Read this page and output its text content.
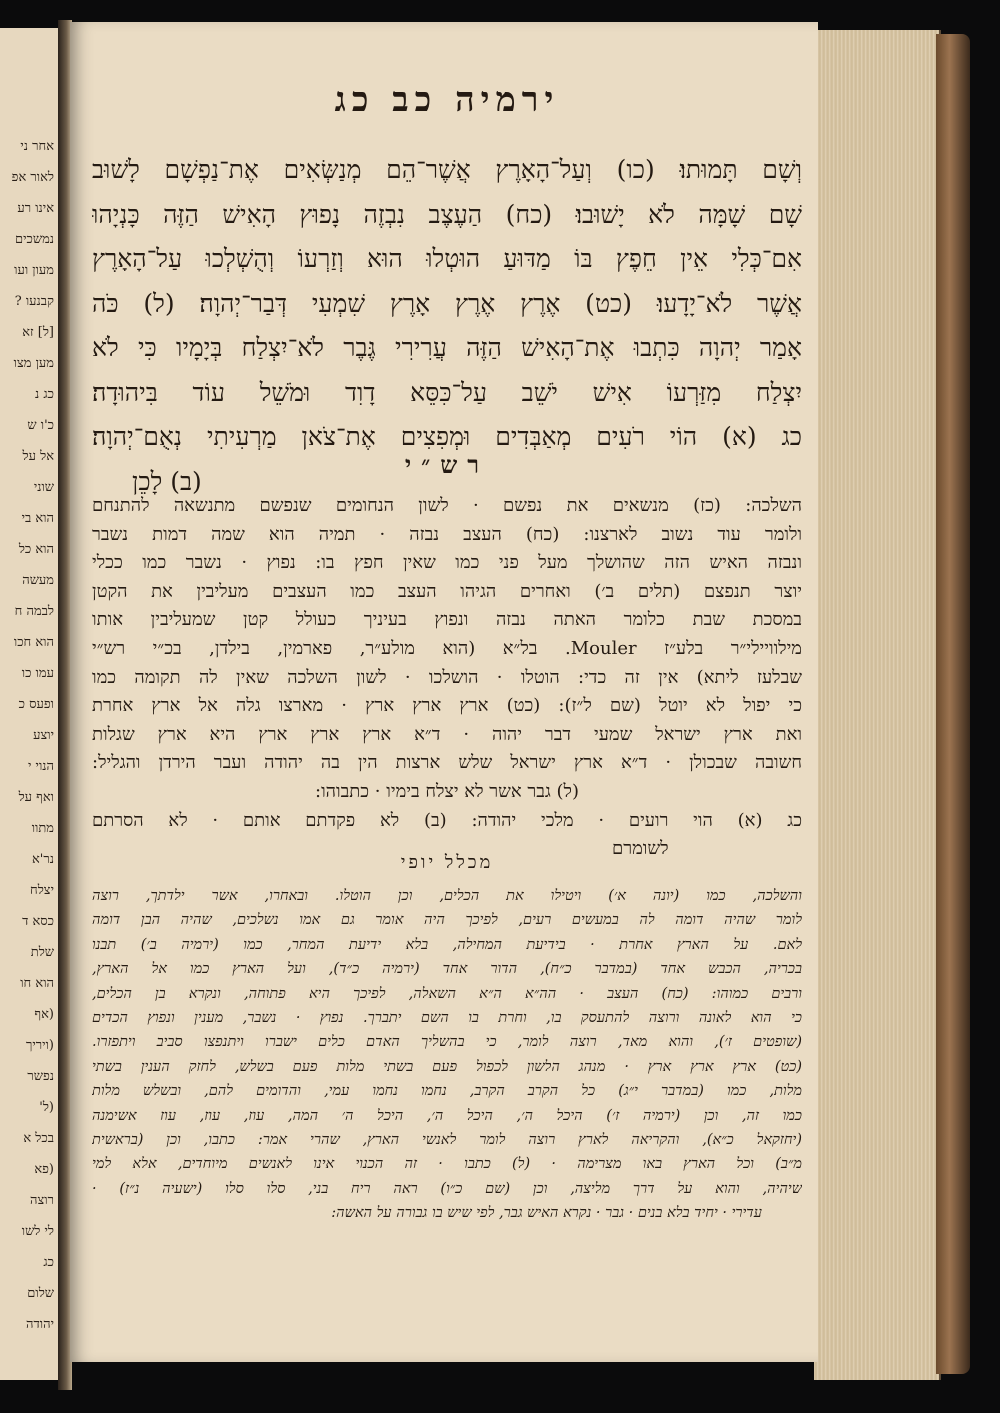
אחר ני
לאור אפ
אינו רע
נמשכים
מעון ועו
קבנעו ?
[ל] זא
מען מצו
כג נ
כ'ו ש
אל על
שוני
הוא בי
הוא כל
מעשה
לבמה ח
הוא חכו
עמו כו
ופעס כ
יוצע
הנוי י
ואף על
מתוו
נר'א
יצלח
כסא ד
שלת
הוא חו
(אף
(ויריך
נפשר
(ל'
בכל א
(פא
רוצה
לי לשו
כג
שלום
יהודה
ירמיה כב כג
וְשָׁם תָּמוּתוּ׃ (כו) וְעַל־הָאָרֶץ אֲשֶׁר־הֵם מְנַשְּׂאִים אֶת־נַפְשָׁם לָשׁוּב
שָׁם שָׁמָּה לֹא יָשׁוּבוּ׃ (כח) הַעֶצֶב נִבְזֶה נָפוּץ הָאִישׁ הַזֶּה כָּנְיָהוּ
אִם־כְּלִי אֵין חֵפֶץ בּוֹ מַדּוּעַ הוּטְלוּ הוּא וְזַרְעוֹ וְהֻשְׁלְכוּ עַל־הָאָרֶץ
אֲשֶׁר לֹא־יָדָעוּ׃ (כט) אֶרֶץ אֶרֶץ אָרֶץ שִׁמְעִי דְּבַר־יְהוָה׃ (ל) כֹּה
אָמַר יְהוָה כִּתְבוּ אֶת־הָאִישׁ הַזֶּה עֲרִירִי גֶּבֶר לֹא־יִצְלַח בְּיָמָיו כִּי לֹא
יִצְלַח מִזַּרְעוֹ אִישׁ יֹשֵׁב עַל־כִּסֵּא דָוִד וּמֹשֵׁל עוֹד בִּיהוּדָה׃
כג (א) הוֹי רֹעִים מְאַבְּדִים וּמְפִצִים אֶת־צֹאן מַרְעִיתִי נְאֻם־יְהוָה׃
(ב) לָכֵן
רש״י
השלכה: (כז) מנשאים את נפשם · לשון הנחומים שנפשם מתנשאה להתנחם
ולומר עוד נשוב לארצנו: (כח) העצב נבזה · תמיה הוא שמה דמות נשבר
ונבזה האיש הזה שהושלך מעל פני כמו שאין חפץ בו: נפוץ · נשבר כמו ככלי
יוצר תנפצם (תלים ב׳) ואחרים הגיהו העצב כמו העצבים מעליבין את הקטן
במסכת שבת כלומר האתה נבזה ונפוץ בעיניך כעולל קטן שמעליבין אותו
מילוויילי״ר בלע״ז Mouler. בל״א (הוא מולע״ר, פארמין, בילדן, בכ״י רש״י
שבלעז ליתא) אין זה כדי: הוטלו · הושלכו · לשון השלכה שאין לה תקומה כמו
כי יפול לא יוטל (שם ל״ז): (כט) ארץ ארץ ארץ · מארצו גלה אל ארץ אחרת
ואת ארץ ישראל שמעי דבר יהוה · ד״א ארץ ארץ ארץ היא ארץ שגלות
חשובה שבכולן · ד״א ארץ ישראל שלש ארצות הין בה יהודה ועבר הירדן והגליל:
(ל) גבר אשר לא יצלח בימיו · כתבוהו:
כג (א) הוי רועים · מלכי יהודה: (ב) לא פקדתם אותם · לא הסרתם
לשומרם
מכלל יופי
והשלכה, כמו (יונה א׳) ויטילו את הכלים, וכן הוטלו. ובאחרו, אשר ילדתך, רוצה
לומר שהיה דומה לה במעשים רעים, לפיכך היה אומר גם אמו נשלכים, שהיה הבן דומה
לאם. על הארץ אחרת · בידיעת המחילה, בלא ידיעת המחר, כמו (ירמיה ב׳) תבנו
בכריה, הכבש אחד (במדבר כ״ח), הדור אחד (ירמיה כ״ד), ועל הארץ כמו אל הארץ,
ורבים כמוהו: (כח) העצב · הה״א ה״א השאלה, לפיכך היא פתוחה, ונקרא בן הכלים,
כי הוא לאונה ורוצה להתעסק בו, וחרת בו השם יתברך. נפוץ · נשבר, מענין ונפוץ הכדים
(שופטים ז׳), והוא מאד, רוצה לומר, כי בהשליך האדם כלים ישברו ויתנפצו סביב ויתפזרו.
(כט) ארץ ארץ ארץ · מנהג הלשון לכפול פעם בשתי מלות פעם בשלש, לחזק הענין בשתי
מלות, כמו (במדבר י״ג) כל הקרב הקרב, נחמו נחמו עמי, והדומים להם, ובשלש מלות
כמו זה, וכן (ירמיה ז׳) היכל ה׳, היכל ה׳, היכל ה׳ המה, עוז, עוז, עוז אשימנה
(יחזקאל כ״א), והקריאה לארץ רוצה לומר לאנשי הארץ, שהרי אמר: כתבו, וכן (בראשית
מ״ב) וכל הארץ באו מצרימה · (ל) כתבו · זה הכנוי אינו לאנשים מיוחדים, אלא למי
שיהיה, והוא על דרך מליצה, וכן (שם כ״ו) ראה ריח בני, סלו סלו (ישעיה נ״ז) ·
עדירי · יחיד בלא בנים · גבר · נקרא האיש גבר, לפי שיש בו גבורה על האשה:
